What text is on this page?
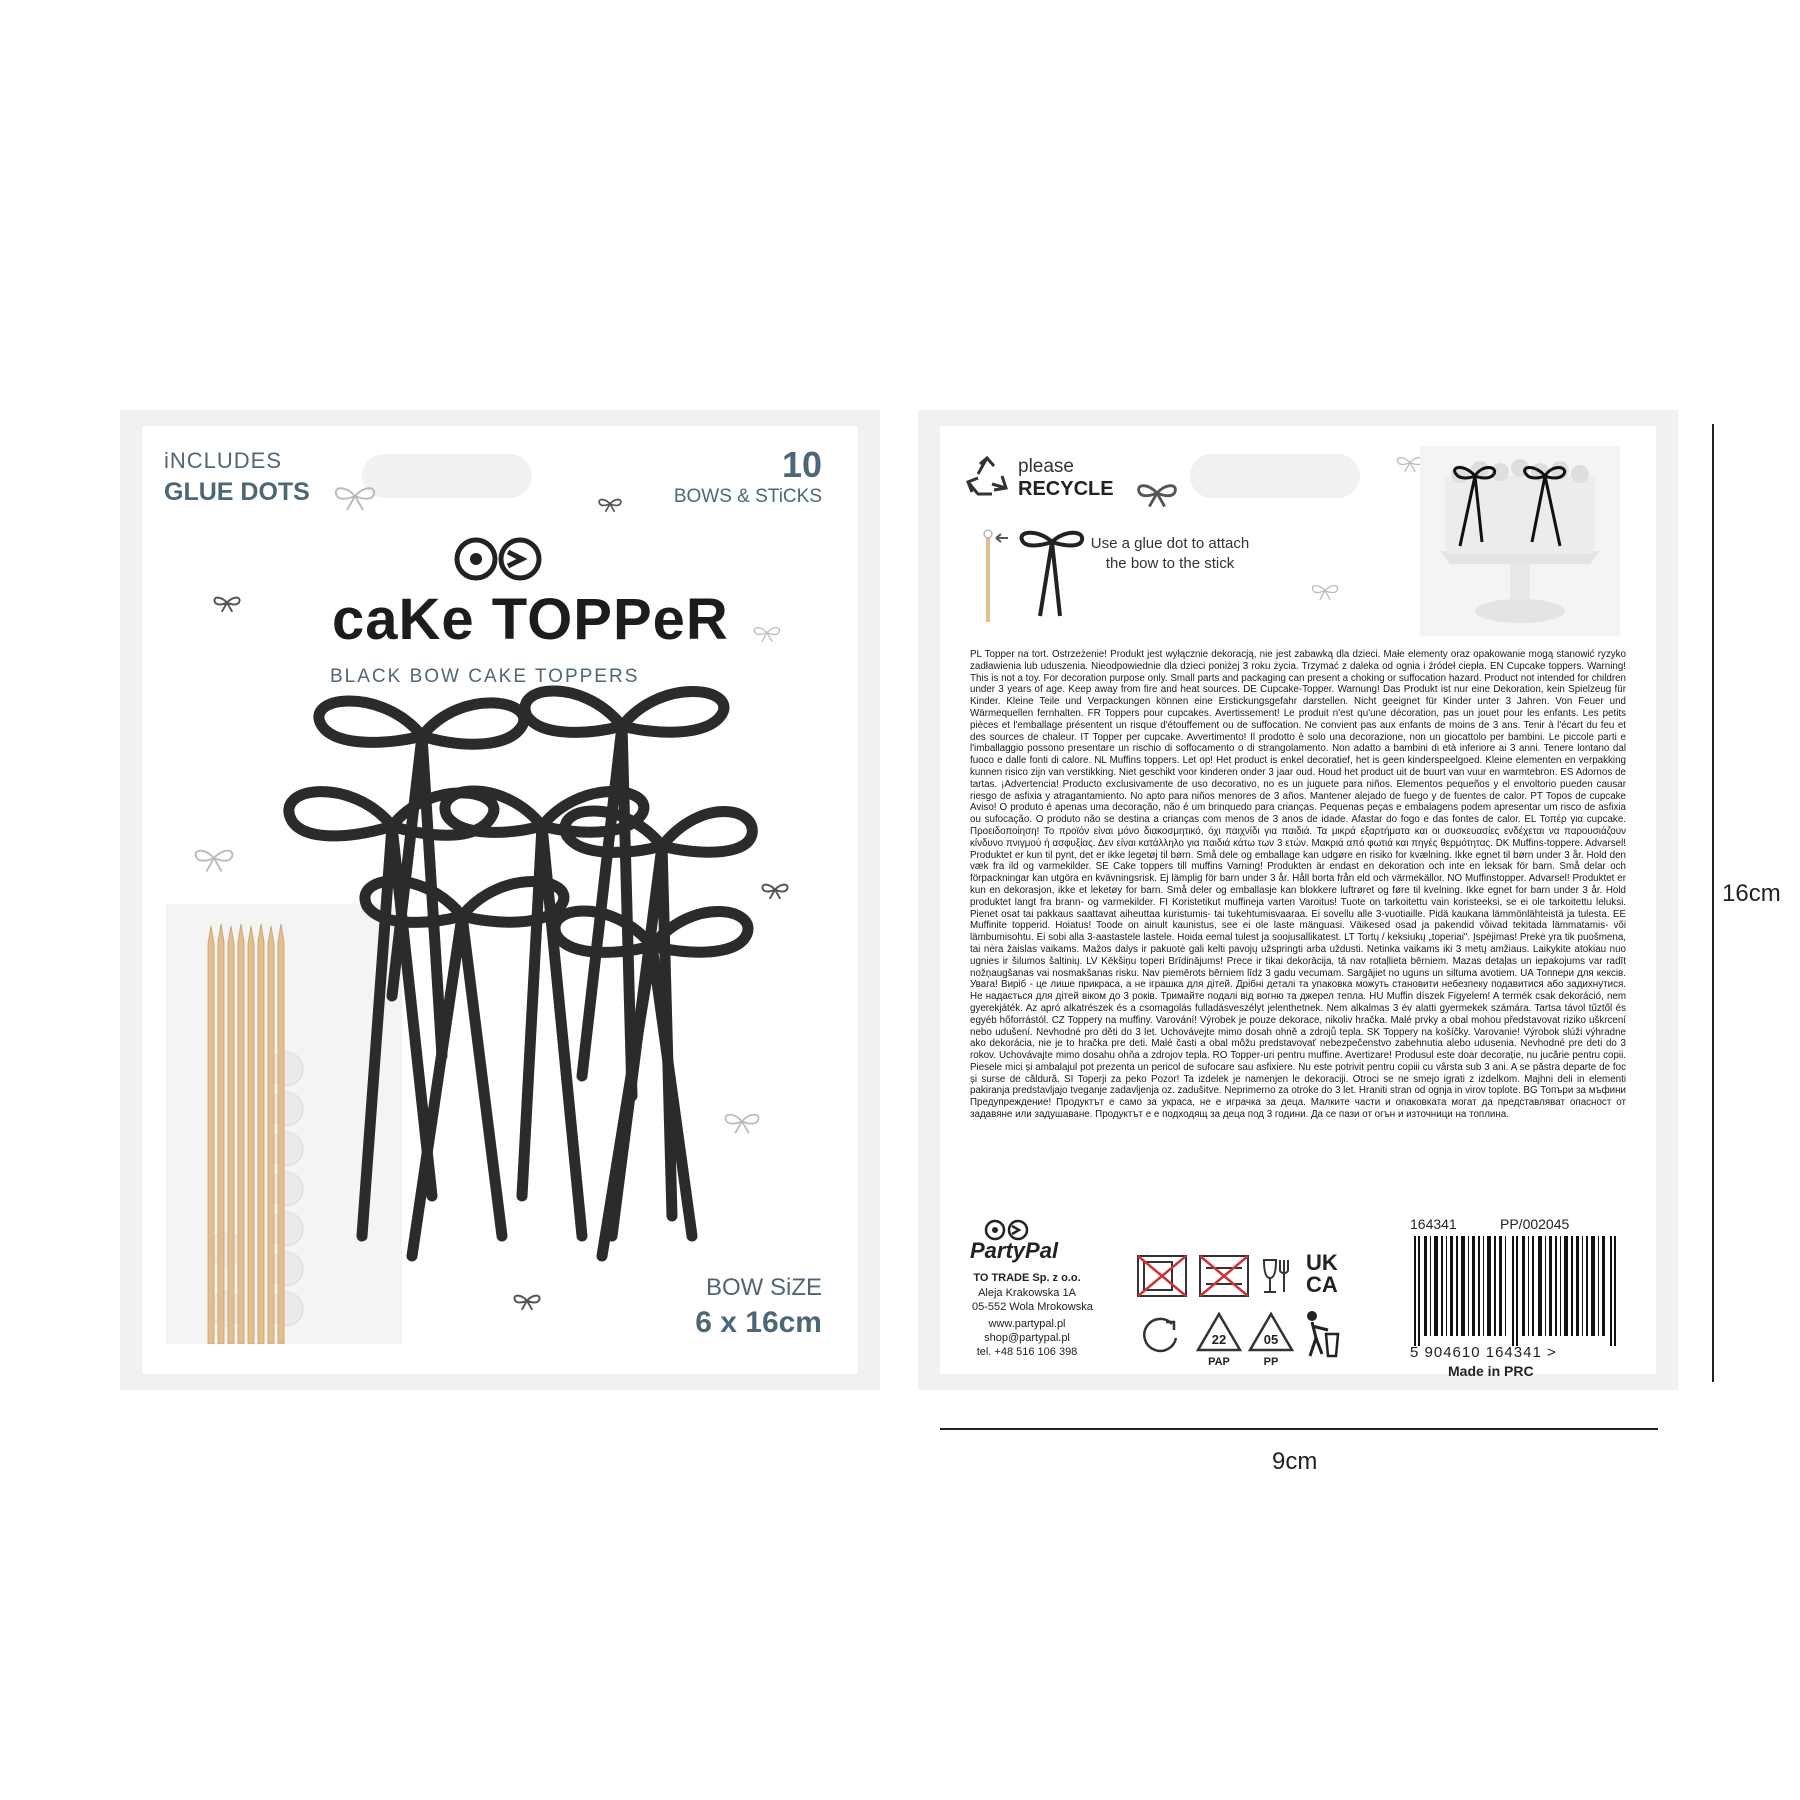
iNCLUDES
GLUE DOTS
10
BOWS & STiCKS
caKe TOPPeR
BLACK BOW CAKE TOPPERS
BOW SiZE
6 x 16cm
please
RECYCLE
Use a glue dot to attach the bow to the stick
PL Topper na tort. Ostrzeżenie! Produkt jest wyłącznie dekoracją, nie jest zabawką dla dzieci. Małe elementy oraz opakowanie mogą stanowić ryzyko zadławienia lub uduszenia. Nieodpowiednie dla dzieci poniżej 3 roku życia. Trzymać z daleka od ognia i źródeł ciepła. EN Cupcake toppers. Warning! This is not a toy. For decoration purpose only. Small parts and packaging can present a choking or suffocation hazard. Product not intended for children under 3 years of age. Keep away from fire and heat sources. DE Cupcake-Topper. Warnung! Das Produkt ist nur eine Dekoration, kein Spielzeug für Kinder. Kleine Teile und Verpackungen können eine Erstickungsgefahr darstellen. Nicht geeignet für Kinder unter 3 Jahren. Von Feuer und Wärmequellen fernhalten. FR Toppers pour cupcakes. Avertissement! Le produit n'est qu'une décoration, pas un jouet pour les enfants. Les petits pièces et l'emballage présentent un risque d'étouffement ou de suffocation. Ne convient pas aux enfants de moins de 3 ans. Tenir à l'écart du feu et des sources de chaleur. IT Topper per cupcake. Avvertimento! Il prodotto è solo una decorazione, non un giocattolo per bambini. Le piccole parti e l'imballaggio possono presentare un rischio di soffocamento o di strangolamento. Non adatto a bambini di età inferiore ai 3 anni. Tenere lontano dal fuoco e dalle fonti di calore. NL Muffins toppers. Let op! Het product is enkel decoratief, het is geen kinderspeelgoed. Kleine elementen en verpakking kunnen risico zijn van verstikking. Niet geschikt voor kinderen onder 3 jaar oud. Houd het product uit de buurt van vuur en warmtebron. ES Adornos de tartas. ¡Advertencia! Producto exclusivamente de uso decorativo, no es un juguete para niños. Elementos pequeños y el envoltorio pueden causar riesgo de asfixia y atragantamiento. No apto para niños menores de 3 años. Mantener alejado de fuego y de fuentes de calor. PT Topos de cupcake Aviso! O produto é apenas uma decoração, não é um brinquedo para crianças. Pequenas peças e embalagens podem apresentar um risco de asfixia ou sufocação. O produto não se destina a crianças com menos de 3 anos de idade. Afastar do fogo e das fontes de calor. EL Τοπέρ για cupcake. Προειδοποίηση! Το προϊόν είναι μόνο διακοσμητικό, όχι παιχνίδι για παιδιά. Τα μικρά εξαρτήματα και οι συσκευασίες ενδέχεται να παρουσιάζουν κίνδυνο πνιγμού ή ασφυξίας. Δεν είναι κατάλληλο για παιδιά κάτω των 3 ετών. Μακριά από φωτιά και πηγές θερμότητας. DK Muffins-toppere. Advarsel! Produktet er kun til pynt, det er ikke legetøj til børn. Små dele og emballage kan udgøre en risiko for kvælning. Ikke egnet til børn under 3 år. Hold den væk fra ild og varmekilder. SE Cake toppers till muffins Varning! Produkten är endast en dekoration och inte en leksak för barn. Små delar och förpackningar kan utgöra en kvävningsrisk. Ej lämplig för barn under 3 år. Håll borta från eld och värmekällor. NO Muffinstopper. Advarsel! Produktet er kun en dekorasjon, ikke et leketøy for barn. Små deler og emballasje kan blokkere luftrøret og føre til kvelning. Ikke egnet for barn under 3 år. Hold produktet langt fra brann- og varmekilder. FI Koristetikut muffineja varten Varoitus! Tuote on tarkoitettu vain koristeeksi, se ei ole tarkoitettu leluksi. Pienet osat tai pakkaus saattavat aiheuttaa kuristumis- tai tukehtumisvaaraa. Ei sovellu alle 3-vuotiaille. Pidä kaukana lämmönlähteistä ja tulesta. EE Muffinite topperid. Hoiatus! Toode on ainult kaunistus, see ei ole laste mänguasi. Väikesed osad ja pakendid võivad tekitada lämmatamis- või lämbumisohtu. Ei sobi alla 3-aastastele lastele. Hoida eemal tulest ja soojusallikatest. LT Tortų / keksiukų „toperiai". Įspėjimas! Prekė yra tik puošmena, tai nėra žaislas vaikams. Mažos dalys ir pakuotė gali kelti pavojų užspringti arba uždusti. Netinka vaikams iki 3 metų amžiaus. Laikykite atokiau nuo ugnies ir šilumos šaltinių. LV Kēkšiņu toperi Brīdinājums! Prece ir tikai dekorācija, tā nav rotaļlieta bērniem. Mazas detaļas un iepakojums var radīt nožņaugšanas vai nosmakšanas risku. Nav piemērots bērniem līdz 3 gadu vecumam. Sargājiet no uguns un siltuma avotiem. UA Топпери для кексів. Увага! Виріб - це лише прикраса, а не іграшка для дітей. Дрібні деталі та упаковка можуть становити небезпеку подавитися або задихнутися. Не надається для дітей віком до 3 років. Тримайте подалі від вогню та джерел тепла. HU Muffin díszek Figyelem! A termék csak dekoráció, nem gyerekjáték. Az apró alkatrészek és a csomagolás fulladásveszélyt jelenthetnek. Nem alkalmas 3 év alatti gyermekek számára. Tartsa távol tűztől és egyéb hőforrástól. CZ Toppery na muffiny. Varování! Výrobek je pouze dekorace, nikoliv hračka. Malé prvky a obal mohou představovat riziko uškrcení nebo udušení. Nevhodné pro děti do 3 let. Uchovávejte mimo dosah ohně a zdrojů tepla. SK Toppery na košíčky. Varovanie! Výrobok slúži výhradne ako dekorácia, nie je to hračka pre deti. Malé časti a obal môžu predstavovať nebezpečenstvo zabehnutia alebo udusenia. Nevhodné pre deti do 3 rokov. Uchovávajte mimo dosahu ohňa a zdrojov tepla. RO Topper-uri pentru muffine. Avertizare! Produsul este doar decorație, nu jucărie pentru copii. Piesele mici și ambalajul pot prezenta un pericol de sufocare sau asfixiere. Nu este potrivit pentru copiii cu vârsta sub 3 ani. A se păstra departe de foc și surse de căldură. SI Toperji za peko Pozor! Ta izdelek je namenjen le dekoraciji. Otroci se ne smejo igrati z izdelkom. Majhni deli in elementi pakiranja predstavljajo tveganje zadavljenja oz. zadušitve. Neprimerno za otroke do 3 let. Hraniti stran od ognja in virov toplote. BG Топъри за мъфини Предупреждение! Продуктът е само за украса, не е играчка за деца. Малките части и опаковката могат да представляват опасност от задавяне или задушаване. Продуктът е е подходящ за деца под 3 години. Да се пази от огън и източници на топлина.
PartyPal
TO TRADE Sp. z o.o.
Aleja Krakowska 1A
05-552 Wola Mrokowska
www.partypal.pl
shop@partypal.pl
tel. +48 516 106 398
UK
CA
22
PAP
05
PP
164341	PP/002045
5 904610 164341 >
Made in PRC
16cm
9cm
